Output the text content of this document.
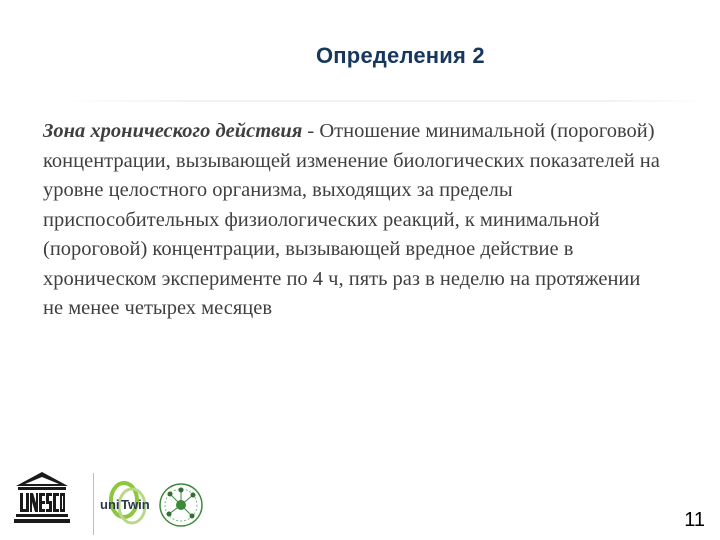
Определения 2

Зона хронического действия - Отношение минимальной (пороговой) концентрации, вызывающей изменение биологических показателей на уровне целостного организма, выходящих за пределы приспособительных физиологических реакций, к минимальной (пороговой) концентрации, вызывающей вредное действие в хроническом эксперименте по 4 ч, пять раз в неделю на протяжении не менее четырех месяцев

uni Twin
11
